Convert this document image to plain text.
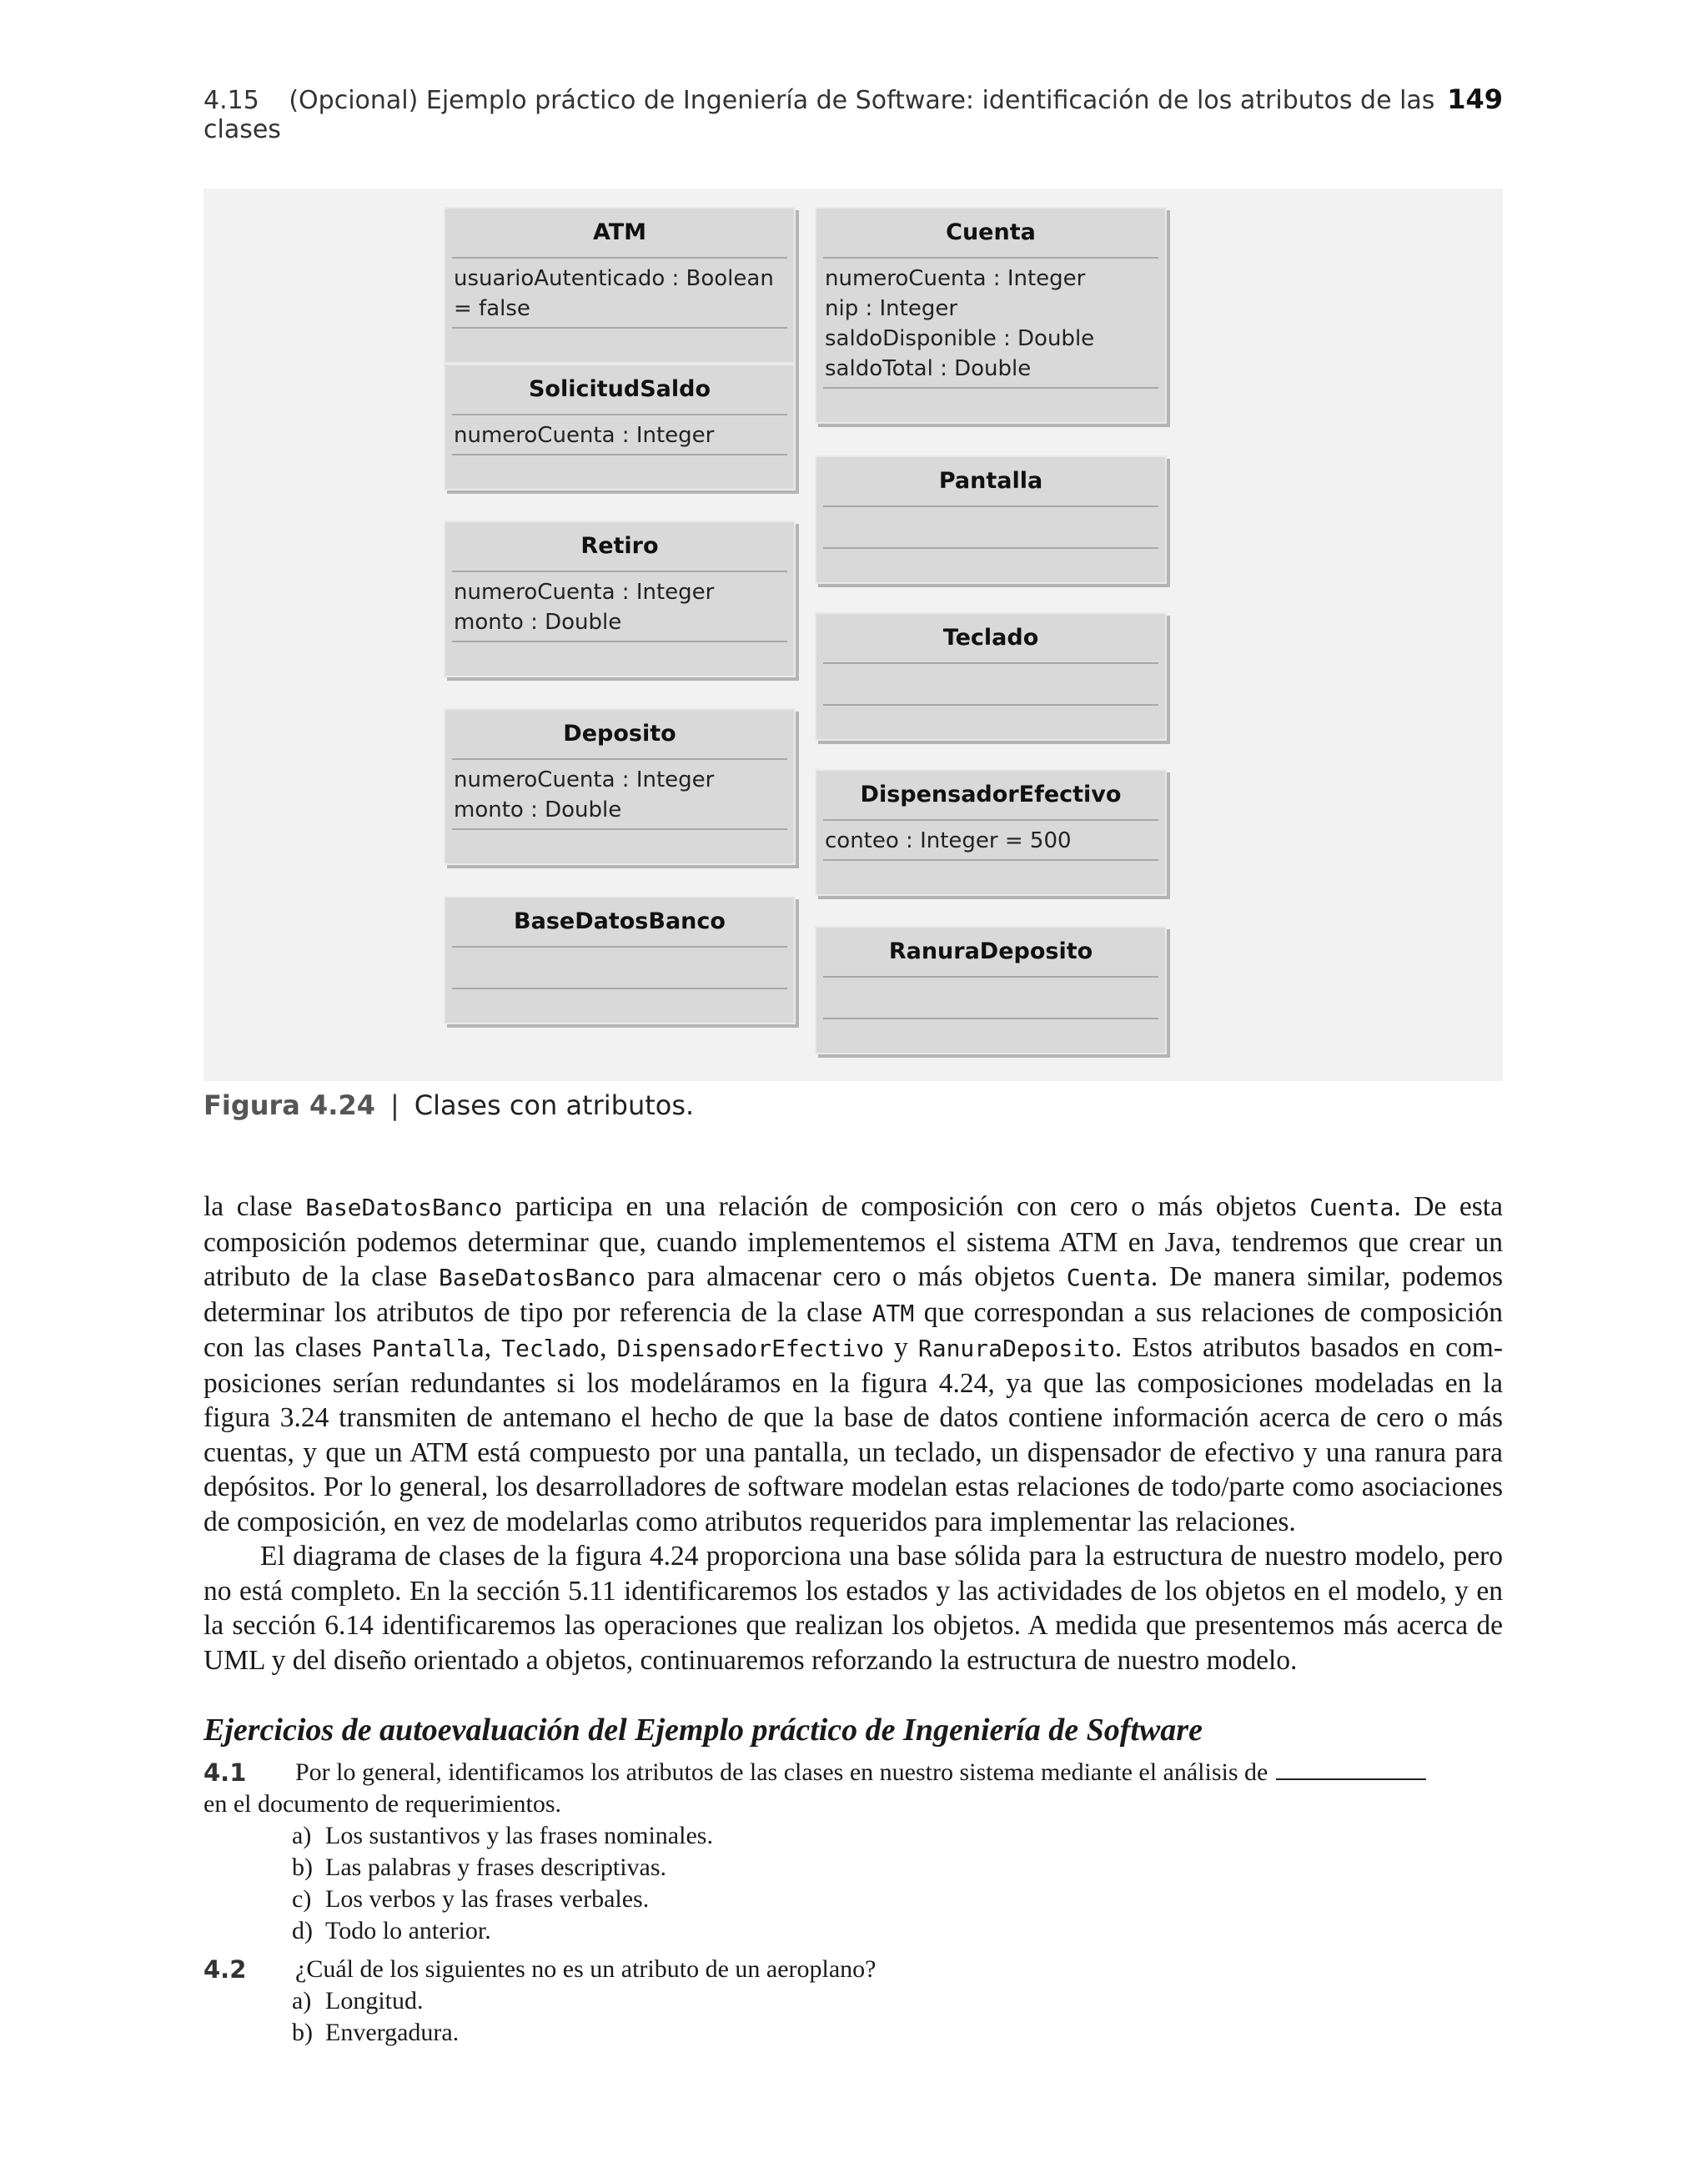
4.15 (Opcional) Ejemplo práctico de Ingeniería de Software: identificación de los atributos de las clases
149
ATM
usuarioAutenticado : Boolean = false
SolicitudSaldo
numeroCuenta : Integer
Retiro
numeroCuenta : Integer
monto : Double
Deposito
numeroCuenta : Integer
monto : Double
BaseDatosBanco
Cuenta
numeroCuenta : Integer
nip : Integer
saldoDisponible : Double
saldoTotal : Double
Pantalla
Teclado
DispensadorEfectivo
conteo : Integer = 500
RanuraDeposito
Figura 4.24 | Clases con atributos.

la clase BaseDatosBanco participa en una relación de composición con cero o más objetos Cuenta. De esta composición podemos determinar que, cuando implementemos el sistema ATM en Java, tendremos que crear un atributo de la clase BaseDatosBanco para almacenar cero o más objetos Cuenta. De manera similar, podemos determinar los atributos de tipo por referencia de la clase ATM que correspondan a sus relaciones de composición con las clases Pantalla, Teclado, DispensadorEfectivo y RanuraDeposito. Estos atributos basados en composiciones serían redundantes si los modeláramos en la figura 4.24, ya que las composiciones modeladas en la figura 3.24 transmiten de antemano el hecho de que la base de datos contiene información acerca de cero o más cuentas, y que un ATM está compuesto por una pantalla, un teclado, un dispensador de efectivo y una ranura para depósitos. Por lo general, los desarrolladores de software modelan estas relaciones de todo/parte como asociaciones de composición, en vez de modelarlas como atributos requeridos para implementar las relaciones.

El diagrama de clases de la figura 4.24 proporciona una base sólida para la estructura de nuestro modelo, pero no está completo. En la sección 5.11 identificaremos los estados y las actividades de los objetos en el modelo, y en la sección 6.14 identificaremos las operaciones que realizan los objetos. A medida que presentemos más acerca de UML y del diseño orientado a objetos, continuaremos reforzando la estructura de nuestro modelo.

Ejercicios de autoevaluación del Ejemplo práctico de Ingeniería de Software
4.1	Por lo general, identificamos los atributos de las clases en nuestro sistema mediante el análisis de
en el documento de requerimientos.
a) Los sustantivos y las frases nominales.
b) Las palabras y frases descriptivas.
c) Los verbos y las frases verbales.
d) Todo lo anterior.
4.2	¿Cuál de los siguientes no es un atributo de un aeroplano?
a) Longitud.
b) Envergadura.
